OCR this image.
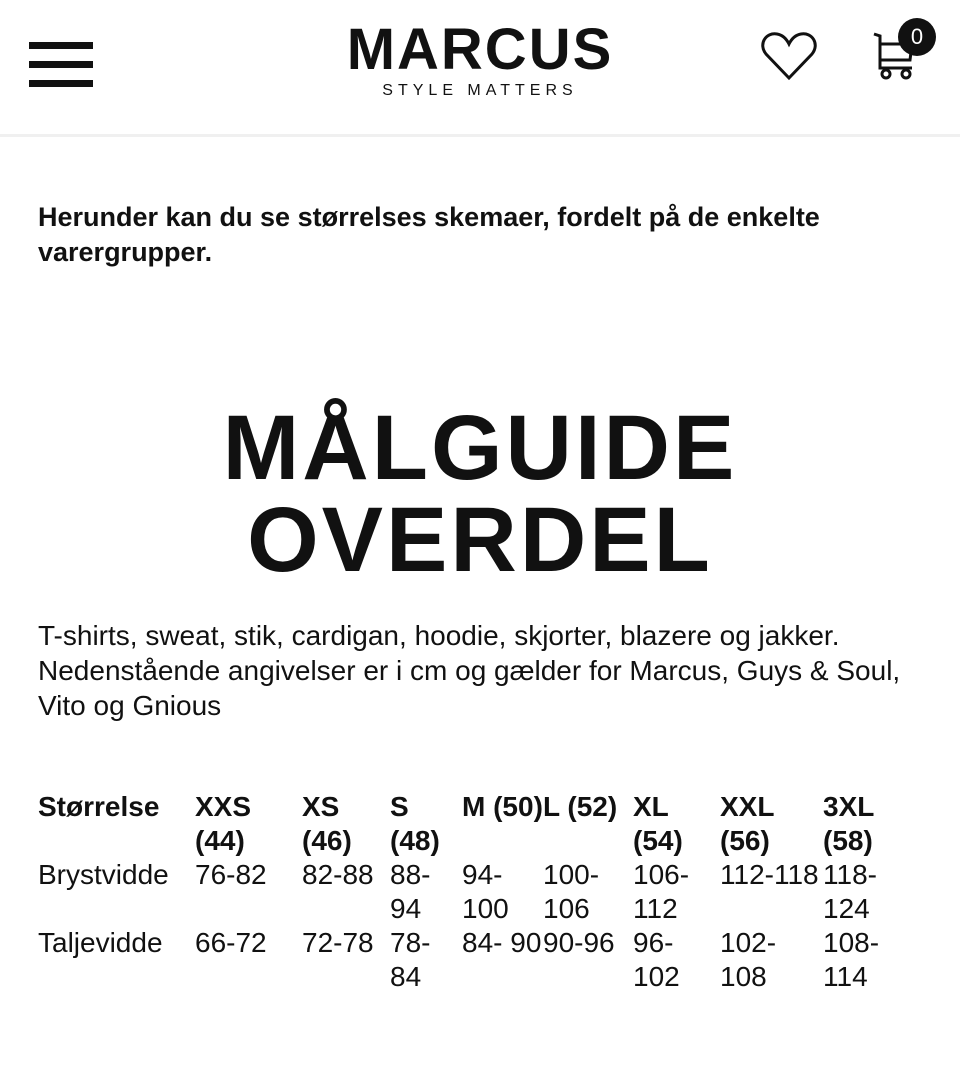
MARCUS
STYLE MATTERS
0
Herunder kan du se størrelses skemaer, fordelt på de enkelte varergrupper.
MÅLGUIDE
OVERDEL
T-shirts, sweat, stik, cardigan, hoodie, skjorter, blazere og jakker.
Nedenstående angivelser er i cm og gælder for Marcus, Guys & Soul, Vito og Gnious
Størrelse	XXS (44)	XS (46)	S (48)	M (50)	L (52)	XL (54)	XXL (56)	3XL (58)
Brystvidde	76-82	82-88	88- 94	94- 100	100- 106	106- 112	112-118	118-124
Taljevidde	66-72	72-78	78- 84	84- 90	90-96	96- 102	102- 108	108- 114
